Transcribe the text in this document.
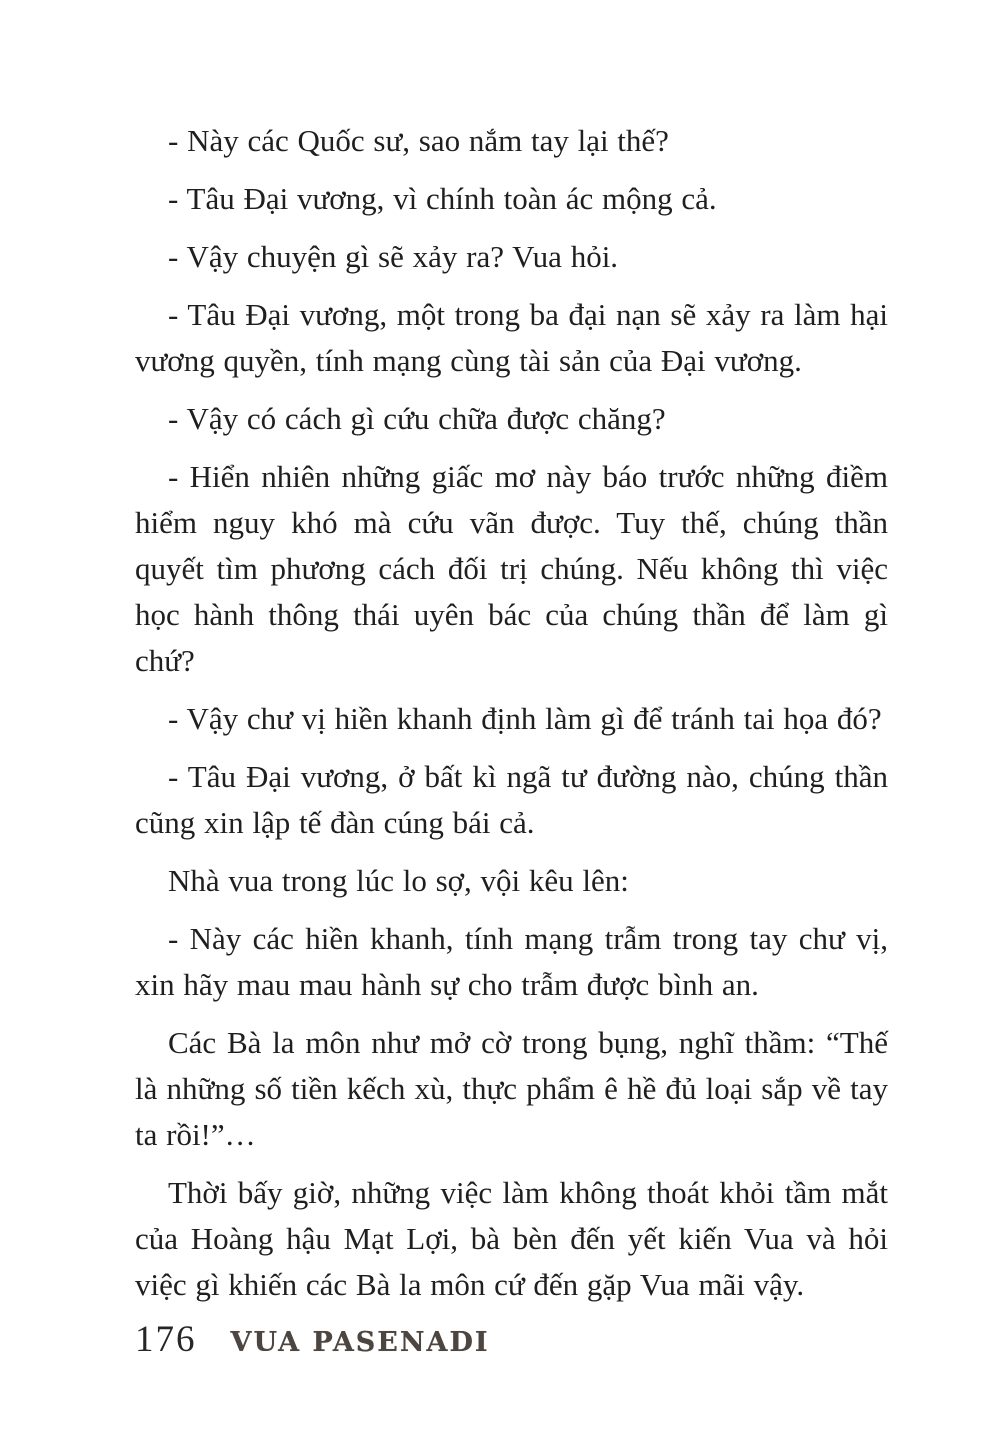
- Này các Quốc sư, sao nắm tay lại thế?

- Tâu Đại vương, vì chính toàn ác mộng cả.

- Vậy chuyện gì sẽ xảy ra? Vua hỏi.

- Tâu Đại vương, một trong ba đại nạn sẽ xảy ra làm hại vương quyền, tính mạng cùng tài sản của Đại vương.

- Vậy có cách gì cứu chữa được chăng?

- Hiển nhiên những giấc mơ này báo trước những điềm hiểm nguy khó mà cứu vãn được. Tuy thế, chúng thần quyết tìm phương cách đối trị chúng. Nếu không thì việc học hành thông thái uyên bác của chúng thần để làm gì chứ?

- Vậy chư vị hiền khanh định làm gì để tránh tai họa đó?

- Tâu Đại vương, ở bất kì ngã tư đường nào, chúng thần cũng xin lập tế đàn cúng bái cả.

Nhà vua trong lúc lo sợ, vội kêu lên:

- Này các hiền khanh, tính mạng trẫm trong tay chư vị, xin hãy mau mau hành sự cho trẫm được bình an.

Các Bà la môn như mở cờ trong bụng, nghĩ thầm: “Thế là những số tiền kếch xù, thực phẩm ê hề đủ loại sắp về tay ta rồi!”…

Thời bấy giờ, những việc làm không thoát khỏi tầm mắt của Hoàng hậu Mạt Lợi, bà bèn đến yết kiến Vua và hỏi việc gì khiến các Bà la môn cứ đến gặp Vua mãi vậy.

176 VUA PASENADI
